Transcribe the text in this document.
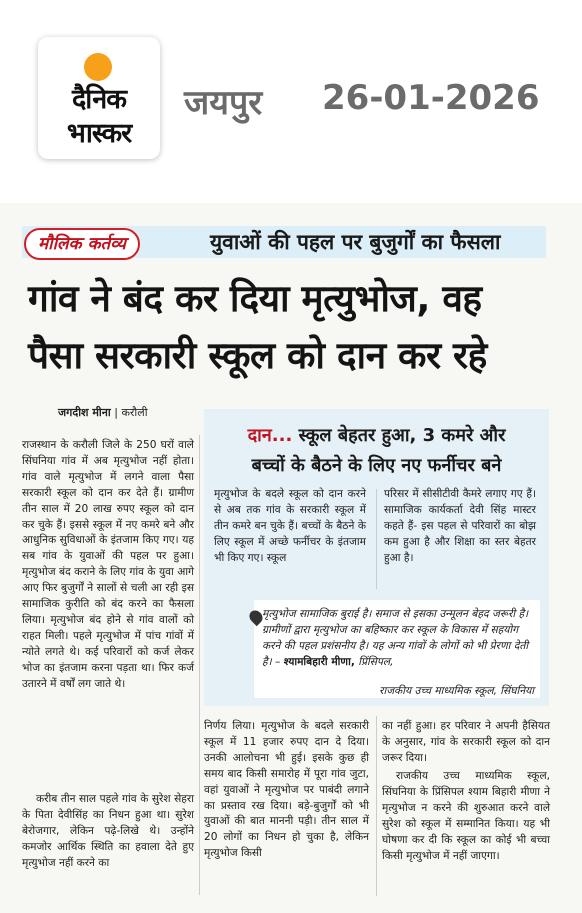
दैनिक
भास्कर
जयपुर 26-01-2026
मौलिक कर्तव्य	युवाओं की पहल पर बुजुर्गों का फैसला
गांव ने बंद कर दिया मृत्युभोज, वह
पैसा सरकारी स्कूल को दान कर रहे
जगदीश मीना | करौली
राजस्थान के करौली जिले के 250 घरों वाले सिंघनिया गांव में अब मृत्युभोज नहीं होता। गांव वाले मृत्युभोज में लगने वाला पैसा सरकारी स्कूल को दान कर देते हैं। ग्रामीण तीन साल में 20 लाख रुपए स्कूल को दान कर चुके हैं। इससे स्कूल में नए कमरे बने और आधुनिक सुविधाओं के इंतजाम किए गए। यह सब गांव के युवाओं की पहल पर हुआ। मृत्युभोज बंद कराने के लिए गांव के युवा आगे आए फिर बुजुर्गों ने सालों से चली आ रही इस सामाजिक कुरीति को बंद करने का फैसला लिया। मृत्युभोज बंद होने से गांव वालों को राहत मिली। पहले मृत्युभोज में पांच गांवों में न्योते लगते थे। कई परिवारों को कर्ज लेकर भोज का इंतजाम करना पड़ता था। फिर कर्ज उतारने में वर्षों लग जाते थे।
करीब तीन साल पहले गांव के सुरेश सेहरा के पिता देवीसिंह का निधन हुआ था। सुरेश बेरोजगार, लेकिन पढ़े-लिखे थे। उन्होंने कमजोर आर्थिक स्थिति का हवाला देते हुए मृत्युभोज नहीं करने का
दान... स्कूल बेहतर हुआ, 3 कमरे और
बच्चों के बैठने के लिए नए फर्नीचर बने
मृत्युभोज के बदले स्कूल को दान करने से अब तक गांव के सरकारी स्कूल में तीन कमरे बन चुके हैं। बच्चों के बैठने के लिए स्कूल में अच्छे फर्नीचर के इंतजाम भी किए गए। स्कूल
परिसर में सीसीटीवी कैमरे लगाए गए हैं। सामाजिक कार्यकर्ता देवी सिंह मास्टर कहते हैं- इस पहल से परिवारों का बोझ कम हुआ है और शिक्षा का स्तर बेहतर हुआ है।
मृत्युभोज सामाजिक बुराई है। समाज से इसका उन्मूलन बेहद जरूरी है। ग्रामीणों द्वारा मृत्युभोज का बहिष्कार कर स्कूल के विकास में सहयोग करने की पहल प्रशंसनीय है। यह अन्य गांवों के लोगों को भी प्रेरणा देती है। – श्यामबिहारी मीणा, प्रिंसिपल,
राजकीय उच्च माध्यमिक स्कूल, सिंघनिया
निर्णय लिया। मृत्युभोज के बदले सरकारी स्कूल में 11 हजार रुपए दान दे दिया। उनकी आलोचना भी हुई। इसके कुछ ही समय बाद किसी समारोह में पूरा गांव जुटा, वहां युवाओं ने मृत्युभोज पर पाबंदी लगाने का प्रस्ताव रख दिया। बड़े-बुजुर्गों को भी युवाओं की बात माननी पड़ी। तीन साल में 20 लोगों का निधन हो चुका है, लेकिन मृत्युभोज किसी
का नहीं हुआ। हर परिवार ने अपनी हैसियत के अनुसार, गांव के सरकारी स्कूल को दान जरूर दिया।
राजकीय उच्च माध्यमिक स्कूल, सिंघनिया के प्रिंसिपल श्याम बिहारी मीणा ने मृत्युभोज न करने की शुरुआत करने वाले सुरेश को स्कूल में सम्मानित किया। यह भी घोषणा कर दी कि स्कूल का कोई भी बच्चा किसी मृत्युभोज में नहीं जाएगा।
